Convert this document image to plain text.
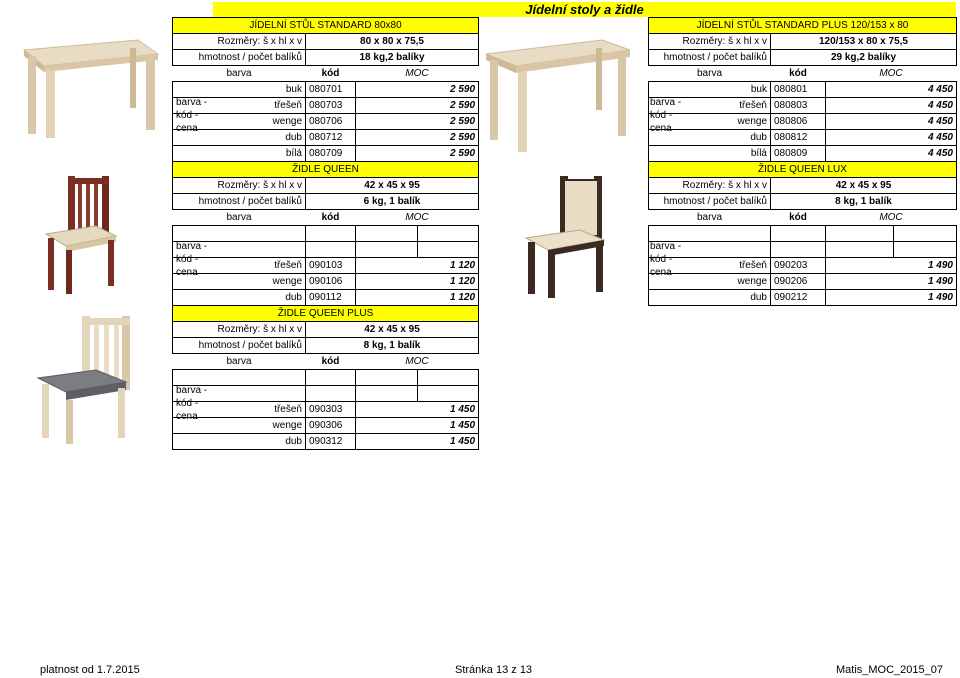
Jídelní stoly a židle
JÍDELNÍ STŮL STANDARD 80x80			
Rozměry: š x hl x v	80 x 80 x 75,5		
hmotnost / počet balíků	18 kg,2 balíky		
barva	kód	MOC	
buk	080701	2 590	
třešeň	080703	2 590	
wenge	080706	2 590	
dub	080712	2 590	
bílá	080709	2 590	
ŽIDLE QUEEN			
Rozměry: š x hl x v	42 x 45 x 95		
hmotnost / počet balíků	6 kg, 1 balík		
barva	kód	MOC	

třešeň	090103	1 120	
wenge	090106	1 120	
dub	090112	1 120	
ŽIDLE QUEEN PLUS			
Rozměry: š x hl x v	42 x 45 x 95		
hmotnost / počet balíků	8 kg, 1 balík		
barva	kód	MOC	

třešeň	090303	1 450	
wenge	090306	1 450	
dub	090312	1 450	
JÍDELNÍ STŮL STANDARD PLUS 120/153 x 80			
Rozměry: š x hl x v	120/153 x 80 x 75,5		
hmotnost / počet balíků	29 kg,2 balíky		
barva	kód	MOC	
buk	080801	4 450	
třešeň	080803	4 450	
wenge	080806	4 450	
dub	080812	4 450	
bílá	080809	4 450	
ŽIDLE QUEEN LUX			
Rozměry: š x hl x v	42 x 45 x 95		
hmotnost / počet balíků	8 kg, 1 balík		
barva	kód	MOC	

třešeň	090203	1 490	
wenge	090206	1 490	
dub	090212	1 490	
barva -
kód -
cena
barva -
kód -
cena
barva -
kód -
cena
barva -
kód -
cena
barva -
kód -
cena
platnost od 1.7.2015	Stránka 13 z 13	Matis_MOC_2015_07
